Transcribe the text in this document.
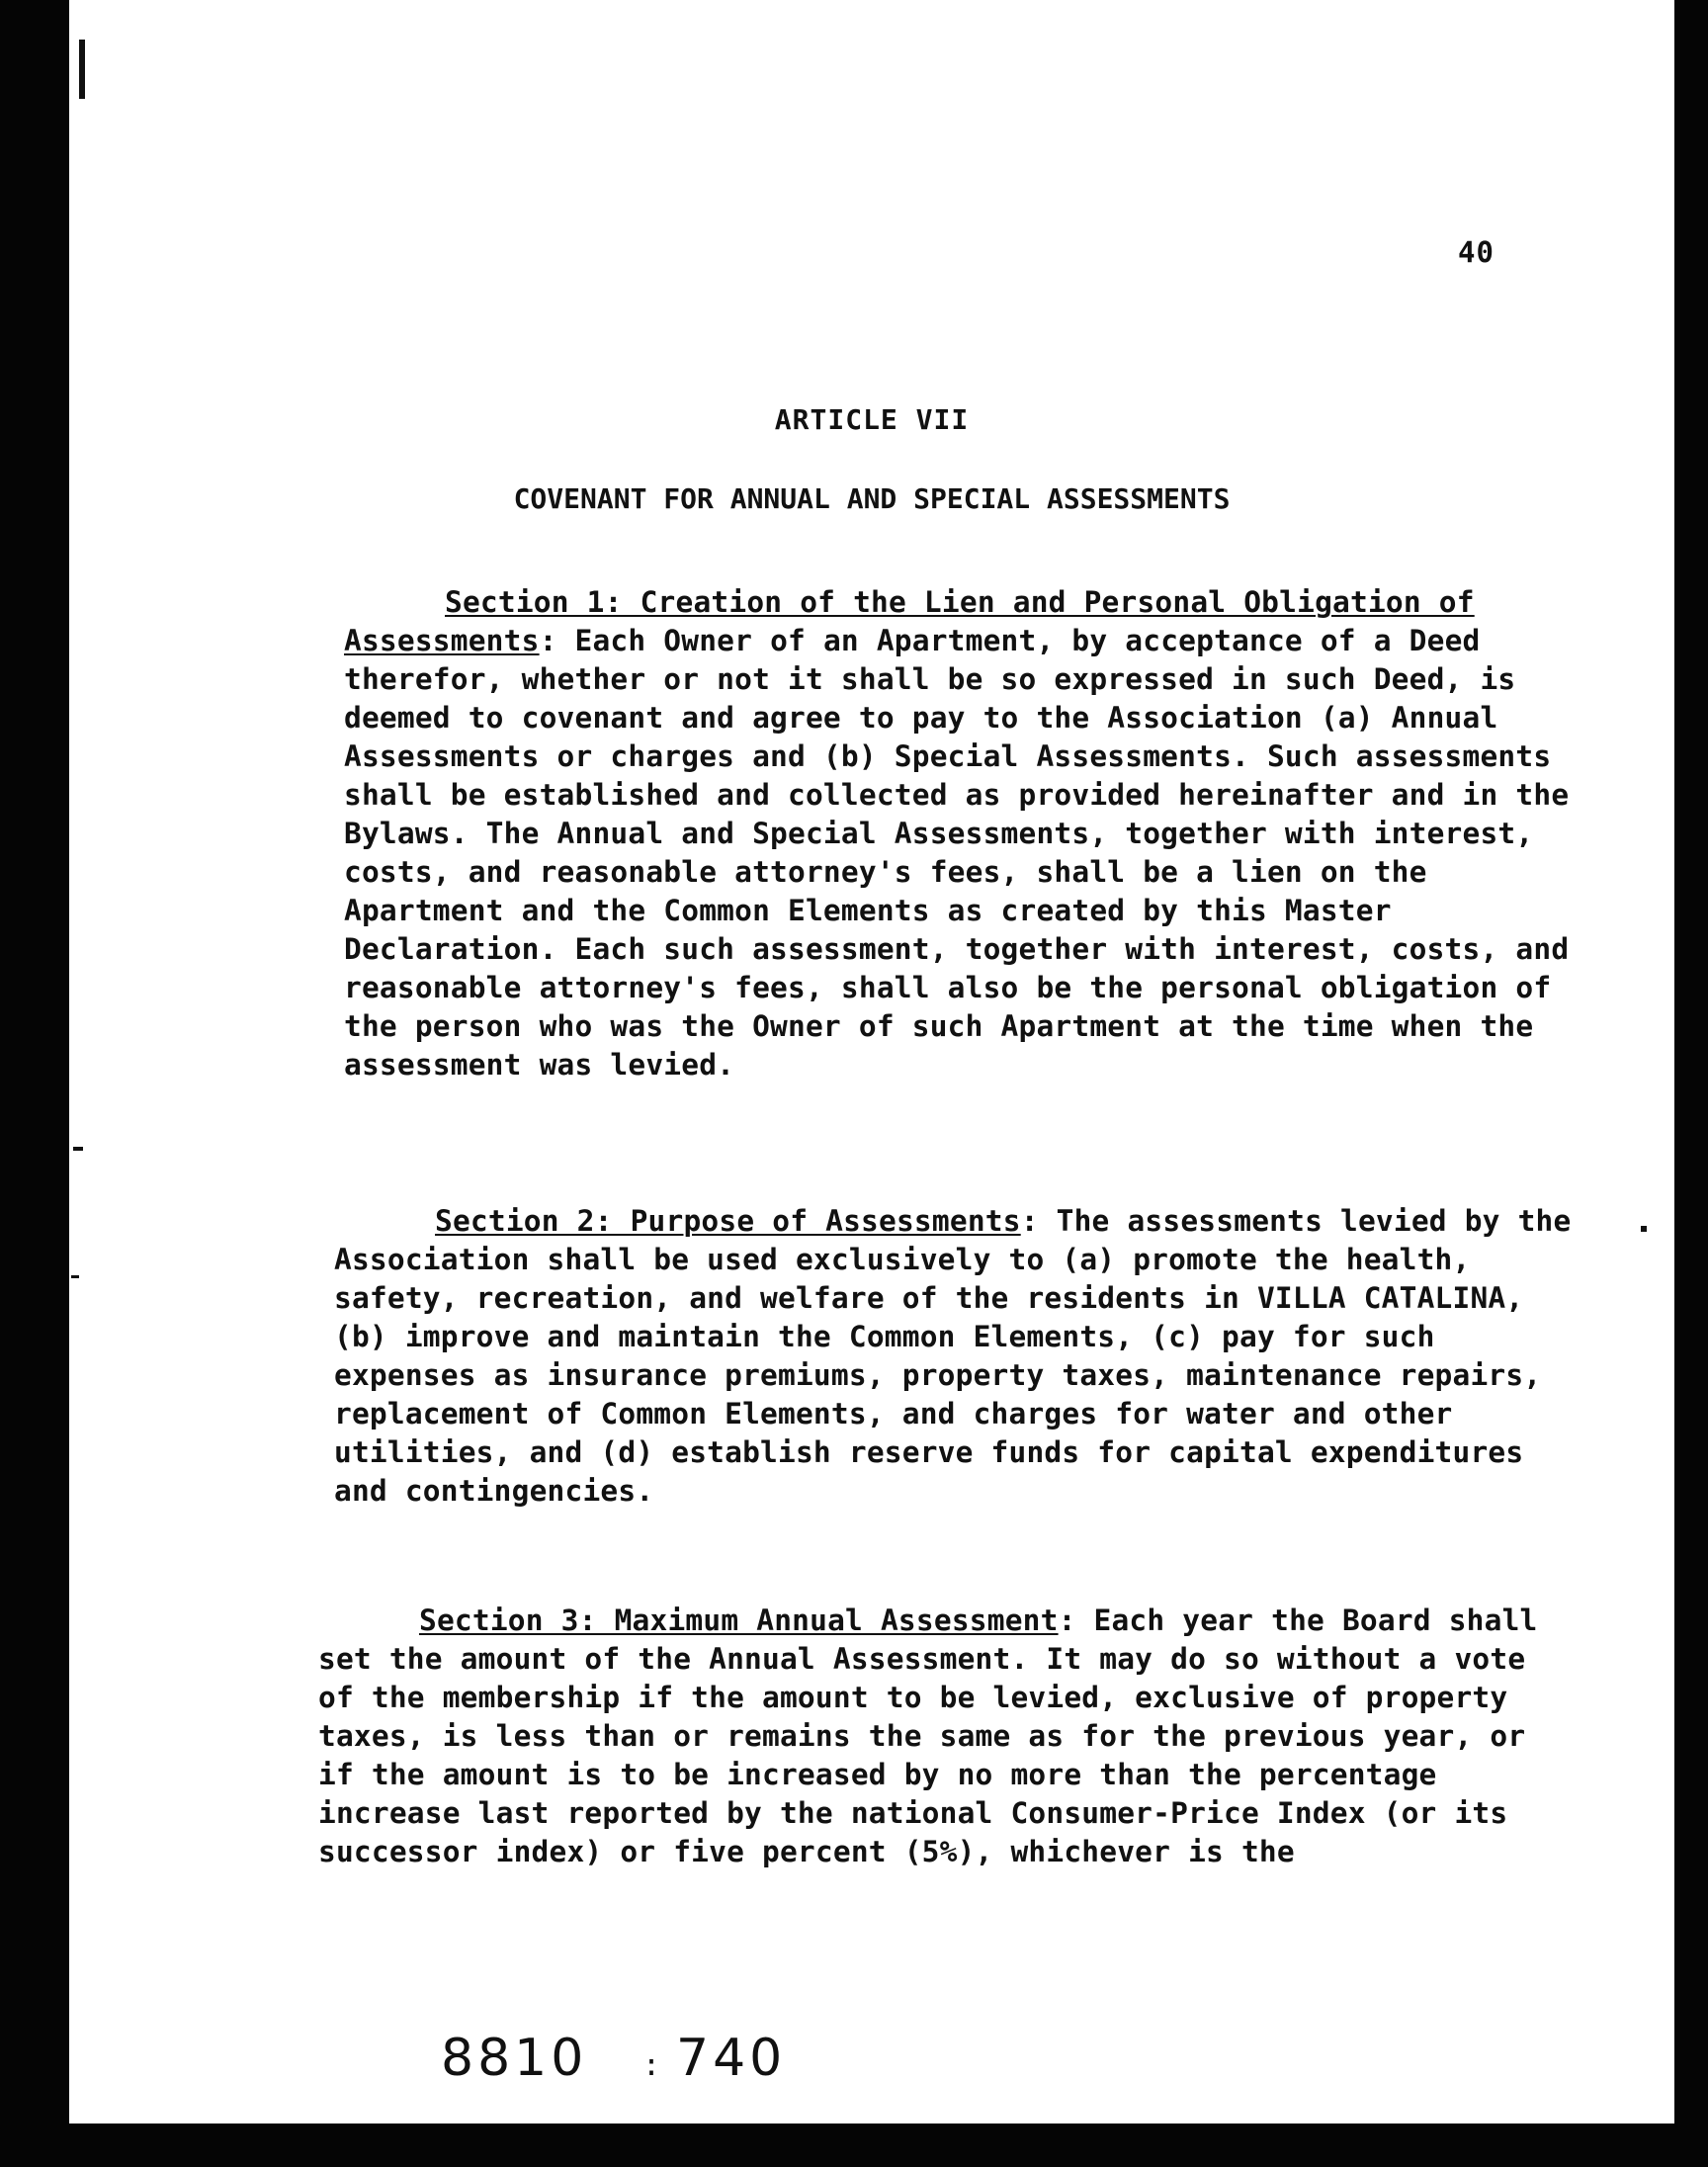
40
ARTICLE VII
COVENANT FOR ANNUAL AND SPECIAL ASSESSMENTS

Section 1: Creation of the Lien and Personal Obligation of Assessments: Each Owner of an Apartment, by acceptance of a Deed therefor, whether or not it shall be so expressed in such Deed, is deemed to covenant and agree to pay to the Association (a) Annual Assessments or charges and (b) Special Assessments. Such assessments shall be established and collected as provided hereinafter and in the Bylaws. The Annual and Special Assessments, together with interest, costs, and reasonable attorney's fees, shall be a lien on the Apartment and the Common Elements as created by this Master Declaration. Each such assessment, together with interest, costs, and reasonable attorney's fees, shall also be the personal obligation of the person who was the Owner of such Apartment at the time when the assessment was levied.

Section 2: Purpose of Assessments: The assessments levied by the Association shall be used exclusively to (a) promote the health, safety, recreation, and welfare of the residents in VILLA CATALINA, (b) improve and maintain the Common Elements, (c) pay for such expenses as insurance premiums, property taxes, maintenance repairs, replacement of Common Elements, and charges for water and other utilities, and (d) establish reserve funds for capital expenditures and contingencies.

Section 3: Maximum Annual Assessment: Each year the Board shall set the amount of the Annual Assessment. It may do so without a vote of the membership if the amount to be levied, exclusive of property taxes, is less than or remains the same as for the previous year, or if the amount is to be increased by no more than the percentage increase last reported by the national Consumer-Price Index (or its successor index) or five percent (5%), whichever is the

8810 : 740
